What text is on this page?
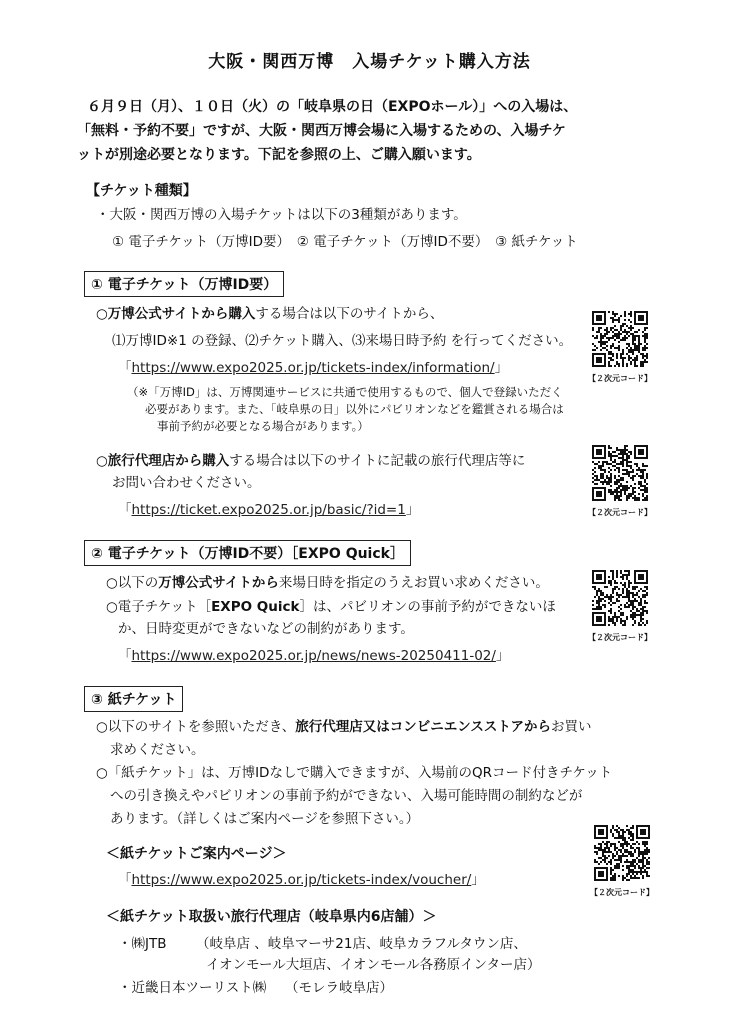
大阪・関西万博　入場チケット購入方法
６月９日（月）、１０日（火）の「岐阜県の日（EXPOホール）」への入場は、
「無料・予約不要」ですが、大阪・関西万博会場に入場するための、入場チケ
ットが別途必要となります。下記を参照の上、ご購入願います。
【チケット種類】
・大阪・関西万博の入場チケットは以下の3種類があります。
① 電子チケット（万博ID要）　② 電子チケット（万博ID不要）　③ 紙チケット
① 電子チケット（万博ID要）
○万博公式サイトから購入する場合は以下のサイトから、
⑴万博ID※1 の登録、⑵チケット購入、⑶来場日時予約 を行ってください。
「https://www.expo2025.or.jp/tickets-index/information/」
（※「万博ID」は、万博関連サービスに共通で使用するもので、個人で登録いただく
必要があります。また、「岐阜県の日」以外にパビリオンなどを鑑賞される場合は
事前予約が必要となる場合があります。）
○旅行代理店から購入する場合は以下のサイトに記載の旅行代理店等に
お問い合わせください。
「https://ticket.expo2025.or.jp/basic/?id=1」
② 電子チケット（万博ID不要）［EXPO Quick］
○以下の万博公式サイトから来場日時を指定のうえお買い求めください。
○電子チケット［EXPO Quick］は、パビリオンの事前予約ができないほ
か、日時変更ができないなどの制約があります。
「https://www.expo2025.or.jp/news/news-20250411-02/」
③ 紙チケット
○以下のサイトを参照いただき、旅行代理店又はコンビニエンスストアからお買い
求めください。
○「紙チケット」は、万博IDなしで購入できますが、入場前のQRコード付きチケット
への引き換えやパビリオンの事前予約ができない、入場可能時間の制約などが
あります。（詳しくはご案内ページを参照下さい。）
＜紙チケットご案内ページ＞
「https://www.expo2025.or.jp/tickets-index/voucher/」
＜紙チケット取扱い旅行代理店（岐阜県内6店舗）＞
・㈱JTB （岐阜店 、岐阜マーサ21店、岐阜カラフルタウン店、
イオンモール大垣店、イオンモール各務原インター店）
・近畿日本ツーリスト㈱ （モレラ岐阜店）
【２次元コード】
【２次元コード】
【２次元コード】
【２次元コード】
